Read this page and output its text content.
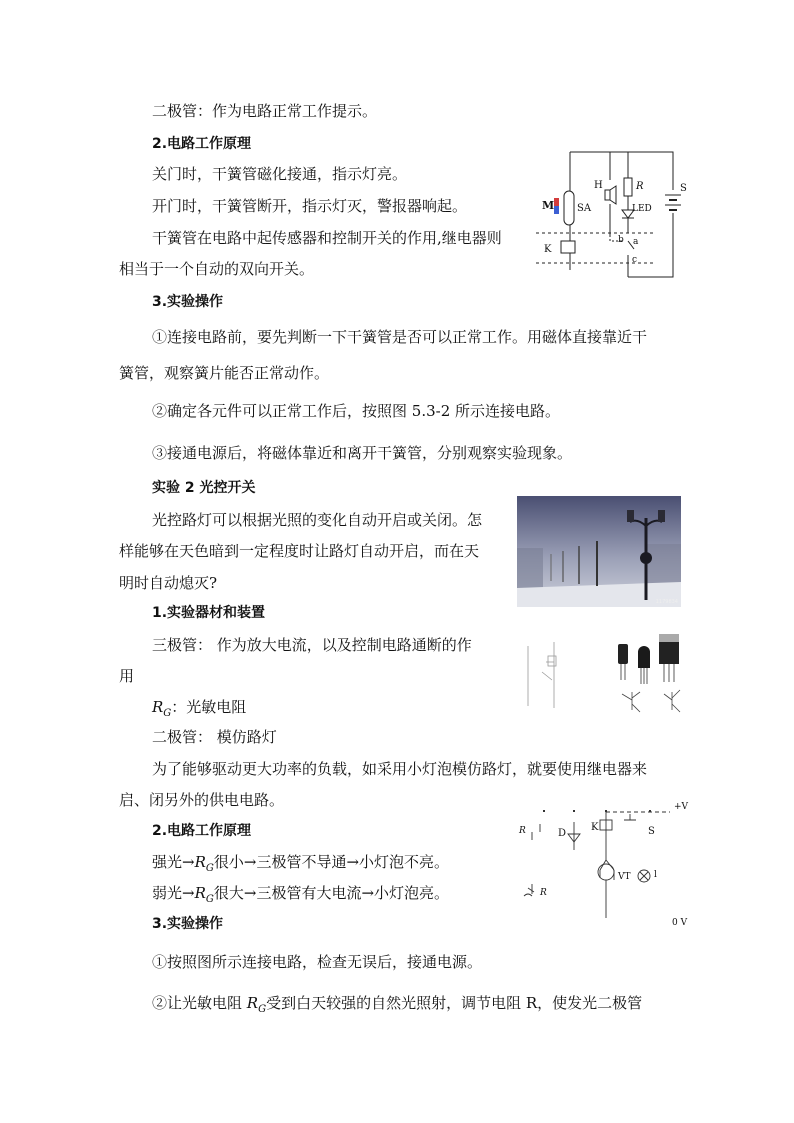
二极管：作为电路正常工作提示。
2.电路工作原理
关门时，干簧管磁化接通，指示灯亮。
开门时，干簧管断开，指示灯灭，警报器响起。
干簧管在电路中起传感器和控制开关的作用,继电器则
相当于一个自动的双向开关。
3.实验操作
①连接电路前，要先判断一下干簧管是否可以正常工作。用磁体直接靠近干
簧管，观察簧片能否正常动作。
②确定各元件可以正常工作后，按照图 5.3-2 所示连接电路。
③接通电源后，将磁体靠近和离开干簧管，分别观察实验现象。
M SA
H	R
LED
S
K
a
b
c
实验 2 光控开关
光控路灯可以根据光照的变化自动开启或关闭。怎
样能够在天色暗到一定程度时让路灯自动开启，而在天
明时自动熄灭?
1179834
1.实验器材和装置
三极管： 作为放大电流，以及控制电路通断的作
用
$R_G$：光敏电阻
二极管： 模仿路灯
为了能够驱动更大功率的负载，如采用小灯泡模仿路灯，就要使用继电器来
启、闭另外的供电电路。
2.电路工作原理
强光$\to R_G$很小→三极管不导通→小灯泡不亮。
弱光$\to R_G$很大→三极管有大电流→小灯泡亮。
3.实验操作
R	D
K	S
+V
VT	l
R
0 V
①按照图所示连接电路，检查无误后，接通电源。
②让光敏电阻 $R_G$受到白天较强的自然光照射，调节电阻 R，使发光二极管
